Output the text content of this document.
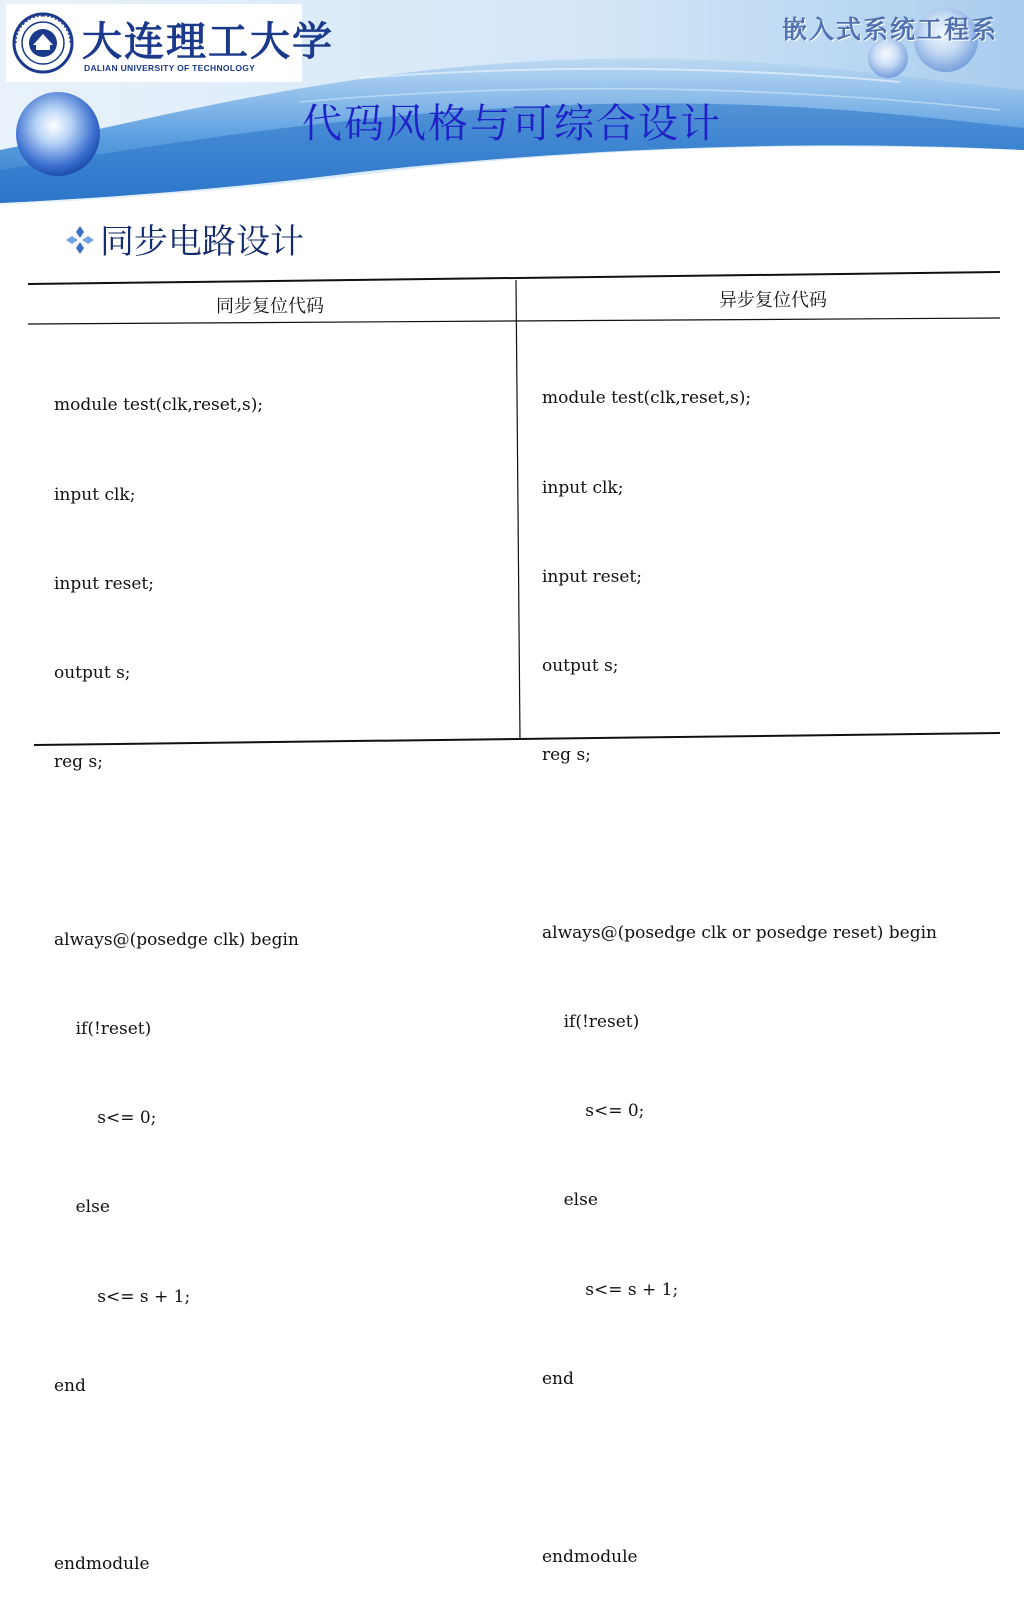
大连理工大学
DALIAN UNIVERSITY OF TECHNOLOGY
嵌入式系统工程系
代码风格与可综合设计
同步电路设计
同步复位代码	异步复位代码

module test(clk,reset,s);

input clk;

input reset;

output s;

reg s;

always@(posedge clk) begin

if(!reset)

s<= 0;

else

s<= s + 1;

end

endmodule

module test(clk,reset,s);

input clk;

input reset;

output s;

reg s;

always@(posedge clk or posedge reset) begin

if(!reset)

s<= 0;

else

s<= s + 1;

end

endmodule
